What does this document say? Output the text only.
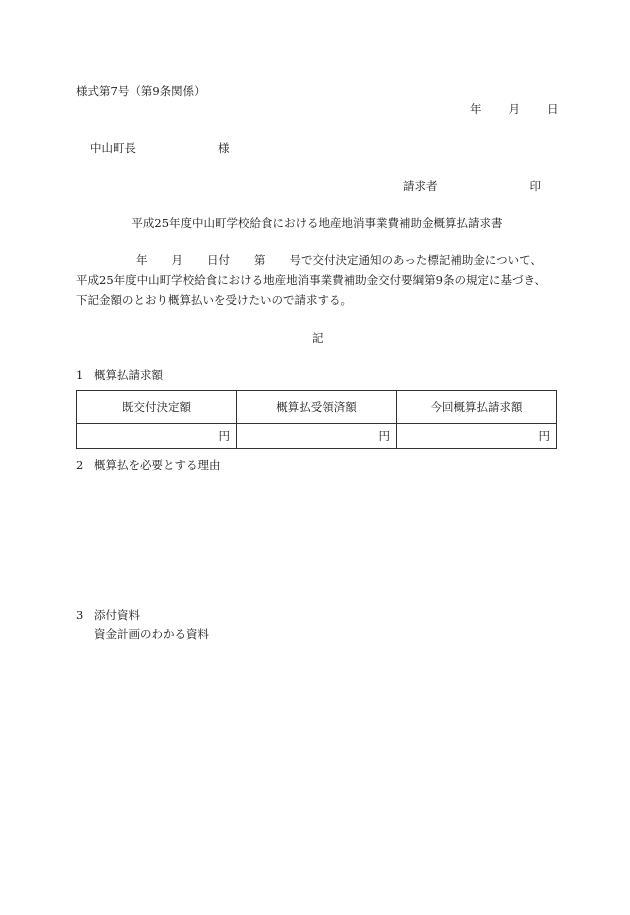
様式第7号（第9条関係）
年 月 日
中山町長	様
請求者	印
平成25年度中山町学校給食における地産地消事業費補助金概算払請求書
年 月 日付 第 号で交付決定通知のあった標記補助金について、
平成25年度中山町学校給食における地産地消事業費補助金交付要綱第9条の規定に基づき、
下記金額のとおり概算払いを受けたいので請求する。
記
1 概算払請求額
既交付決定額	概算払受領済額	今回概算払請求額
円	円	円
2 概算払を必要とする理由
3 添付資料
資金計画のわかる資料
